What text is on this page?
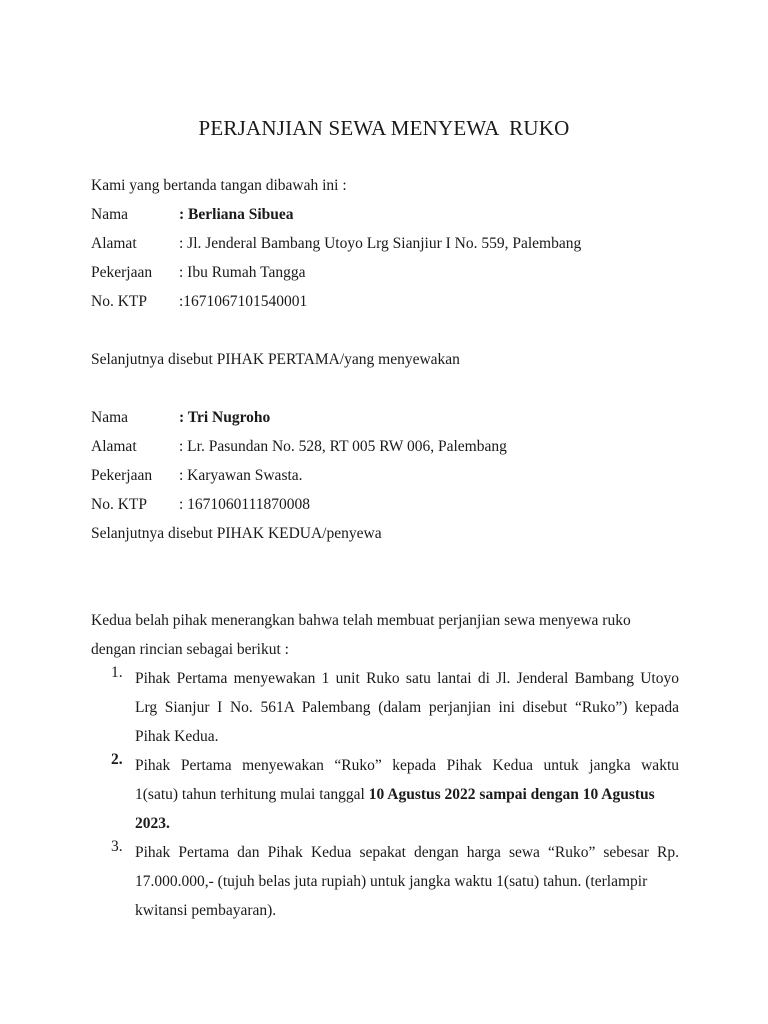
PERJANJIAN SEWA MENYEWA  RUKO
Kami yang bertanda tangan dibawah ini :
Nama	: Berliana Sibuea
Alamat	: Jl. Jenderal Bambang Utoyo Lrg Sianjiur I No. 559, Palembang
Pekerjaan : Ibu Rumah Tangga
No. KTP :1671067101540001
Selanjutnya disebut PIHAK PERTAMA/yang menyewakan
Nama	: Tri Nugroho
Alamat	: Lr. Pasundan No. 528, RT 005 RW 006, Palembang
Pekerjaan : Karyawan Swasta.
No. KTP : 1671060111870008
Selanjutnya disebut PIHAK KEDUA/penyewa
Kedua belah pihak menerangkan bahwa telah membuat perjanjian sewa menyewa ruko
dengan rincian sebagai berikut :
1. Pihak Pertama menyewakan 1 unit Ruko satu lantai di Jl. Jenderal Bambang Utoyo
Lrg Sianjur I No. 561A Palembang (dalam perjanjian ini disebut “Ruko”) kepada
Pihak Kedua.
2. Pihak Pertama menyewakan “Ruko” kepada Pihak Kedua untuk jangka waktu
1(satu) tahun terhitung mulai tanggal 10 Agustus 2022 sampai dengan 10 Agustus
2023.
3. Pihak Pertama dan Pihak Kedua sepakat dengan harga sewa “Ruko” sebesar Rp.
17.000.000,- (tujuh belas juta rupiah) untuk jangka waktu 1(satu) tahun. (terlampir
kwitansi pembayaran).
